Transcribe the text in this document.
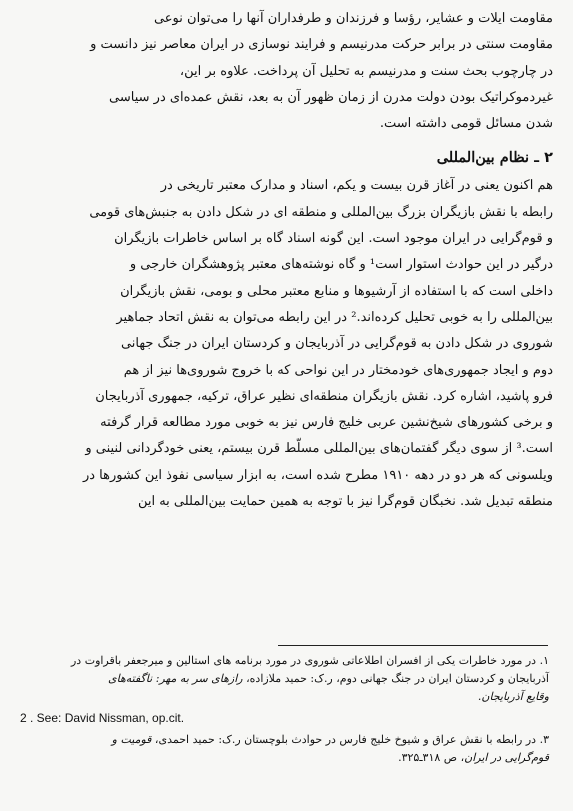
مقاومت ایلات و عشایر، رؤسا و فرزندان و طرفداران آنها را می‌توان نوعی
مقاومت سنتی در برابر حرکت مدرنیسم و فرایند نوسازی در ایران معاصر نیز دانست و
در چارچوب بحث سنت و مدرنیسم به تحلیل آن پرداخت. علاوه بر این،
غیردموکراتیک بودن دولت مدرن از زمان ظهور آن به بعد، نقش عمده‌ای در سیاسی
شدن مسائل قومی داشته است.
۲ ـ نظام بین‌المللی
هم اکنون یعنی در آغاز قرن بیست و یکم، اسناد و مدارک معتبر تاریخی در
رابطه با نقش بازیگران بزرگ بین‌المللی و منطقه ای در شکل دادن به جنبش‌های قومی
و قوم‌گرایی در ایران موجود است. این گونه اسناد گاه بر اساس خاطرات بازیگران
درگیر در این حوادث استوار است¹ و گاه نوشته‌های معتبر پژوهشگران خارجی و
داخلی است که با استفاده از آرشیوها و منابع معتبر محلی و بومی، نقش بازیگران
بین‌المللی را به خوبی تحلیل کرده‌اند.² در این رابطه می‌توان به نقش اتحاد جماهیر
شوروی در شکل دادن به قوم‌گرایی در آذربایجان و کردستان ایران در جنگ جهانی
دوم و ایجاد جمهوری‌های خودمختار در این نواحی که با خروج شوروی‌ها نیز از هم
فرو پاشید، اشاره کرد. نقش بازیگران منطقه‌ای نظیر عراق، ترکیه، جمهوری آذربایجان
و برخی کشورهای شیخ‌نشین عربی خلیج فارس نیز به خوبی مورد مطالعه قرار گرفته
است.³ از سوی دیگر گفتمان‌های بین‌المللی مسلّط قرن بیستم، یعنی خودگردانی لنینی و
ویلسونی که هر دو در دهه ۱۹۱۰ مطرح شده است، به ابزار سیاسی نفوذ این کشورها در
منطقه تبدیل شد. نخبگان قوم‌گرا نیز با توجه به همین حمایت بین‌المللی به این

۱. در مورد خاطرات یکی از افسران اطلاعاتی شوروی در مورد برنامه های استالین و میرجعفر باقراوت در
آذربایجان و کردستان ایران در جنگ جهانی دوم، ر.ک: حمید ملازاده، رازهای سر به مهر: ناگفته‌های
وقایع آذربایجان.

2 . See: David Nissman, op.cit.

۳. در رابطه با نقش عراق و شیوخ خلیج فارس در حوادث بلوچستان ر.ک: حمید احمدی، قومیت و
قوم‌گرایی در ایران، ص ۳۱۸ـ۳۲۵.
